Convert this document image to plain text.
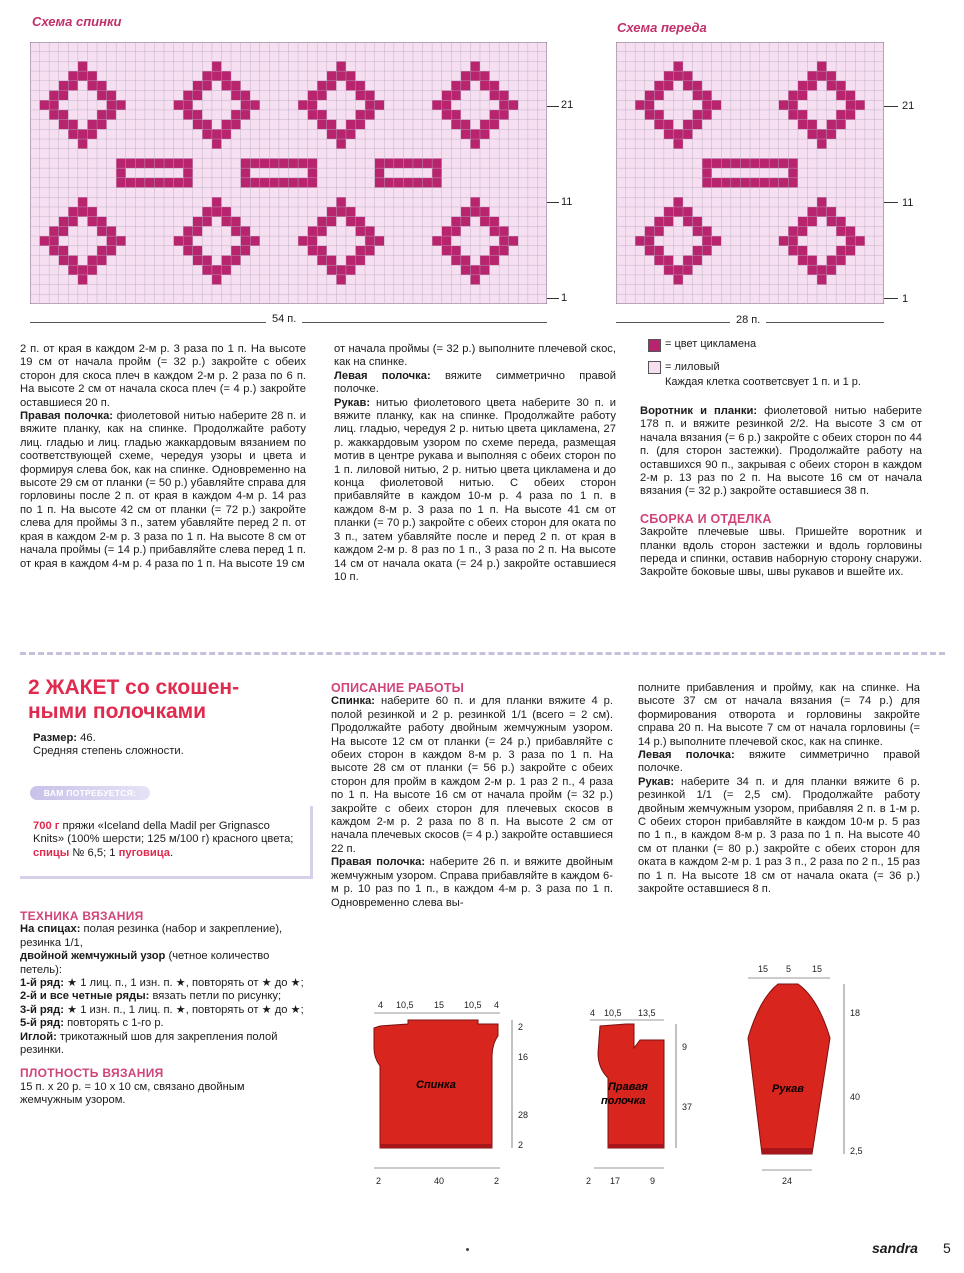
Схема спинки	Схема переда
21
11
1
54 п.
21
11
1
28 п.

2 п. от края в каждом 2-м р. 3 раза по 1 п. На высоте 19 см от начала пройм (= 32 р.) закройте с обеих сторон для скоса плеч в каждом 2-м р. 2 раза по 6 п. На высоте 2 см от начала скоса плеч (= 4 р.) закройте оставшиеся 20 п.

Правая полочка: фиолетовой нитью наберите 28 п. и вяжите планку, как на спинке. Продолжайте работу лиц. гладью и лиц. гладью жаккардовым вязанием по соответствующей схеме, чередуя узоры и цвета и формируя слева бок, как на спинке. Одновременно на высоте 29 см от планки (= 50 р.) убавляйте справа для горловины после 2 п. от края в каждом 4-м р. 14 раз по 1 п. На высоте 42 см от планки (= 72 р.) закройте слева для проймы 3 п., затем убавляйте перед 2 п. от края в каждом 2-м р. 3 раза по 1 п. На высоте 8 см от начала проймы (= 14 р.) прибавляйте слева перед 1 п. от края в каждом 4-м р. 4 раза по 1 п. На высоте 19 см

от начала проймы (= 32 р.) выполните плечевой скос, как на спинке.

Левая полочка: вяжите симметрично правой полочке.

Рукав: нитью фиолетового цвета наберите 30 п. и вяжите планку, как на спинке. Продолжайте работу лиц. гладью, чередуя 2 р. нитью цвета цикламена, 27 р. жаккардовым узором по схеме переда, размещая мотив в центре рукава и выполняя с обеих сторон по 1 п. лиловой нитью, 2 р. нитью цвета цикламена и до конца фиолетовой нитью. С обеих сторон прибавляйте в каждом 10-м р. 4 раза по 1 п. в каждом 8-м р. 3 раза по 1 п. На высоте 41 см от планки (= 70 р.) закройте с обеих сторон для оката по 3 п., затем убавляйте после и перед 2 п. от края в каждом 2-м р. 8 раз по 1 п., 3 раза по 2 п. На высоте 14 см от начала оката (= 24 р.) закройте оставшиеся 10 п.

= цвет цикламена
= лиловый
Каждая клетка соответсвует 1 п. и 1 р.

Воротник и планки: фиолетовой нитью наберите 178 п. и вяжите резинкой 2/2. На высоте 3 см от начала вязания (= 6 р.) закройте с обеих сторон по 44 п. (для сторон застежки). Продолжайте работу на оставшихся 90 п., закрывая с обеих сторон в каждом 2-м р. 13 раз по 2 п. На высоте 16 см от начала вязания (= 32 р.) закройте оставшиеся 38 п.

СБОРКА И ОТДЕЛКА

Закройте плечевые швы. Пришейте воротник и планки вдоль сторон застежки и вдоль горловины переда и спинки, оставив наборную сторону снаружи. Закройте боковые швы, швы рукавов и вшейте их.

2 ЖАКЕТ со скошен-
ными полочками

Размер: 46.

Средняя степень сложности.

ВАМ ПОТРЕБУЕТСЯ:

700 г пряжи «Iceland della Madil per Grignasco Knits» (100% шерсти; 125 м/100 г) красного цвета; спицы № 6,5; 1 пуговица.

ТЕХНИКА ВЯЗАНИЯ

На спицах: полая резинка (набор и закрепление), резинка 1/1,

двойной жемчужный узор (четное количество петель):

1-й ряд: ★ 1 лиц. п., 1 изн. п. ★, повторять от ★ до ★;

2-й и все четные ряды: вязать петли по рисунку;

3-й ряд: ★ 1 изн. п., 1 лиц. п. ★, повторять от ★ до ★;

5-й ряд: повторять с 1-го р.

Иглой: трикотажный шов для закрепления полой резинки.

ПЛОТНОСТЬ ВЯЗАНИЯ

15 п. х 20 р. = 10 х 10 см, связано двойным жемчужным узором.

ОПИСАНИЕ РАБОТЫ

Спинка: наберите 60 п. и для планки вяжите 4 р. полой резинкой и 2 р. резинкой 1/1 (всего = 2 см). Продолжайте работу двойным жемчужным узором. На высоте 12 см от планки (= 24 р.) прибавляйте с обеих сторон в каждом 8-м р. 3 раза по 1 п. На высоте 28 см от планки (= 56 р.) закройте с обеих сторон для пройм в каждом 2-м р. 1 раз 2 п., 4 раза по 1 п. На высоте 16 см от начала пройм (= 32 р.) закройте с обеих сторон для плечевых скосов в каждом 2-м р. 2 раза по 8 п. На высоте 2 см от начала плечевых скосов (= 4 р.) закройте оставшиеся 22 п.

Правая полочка: наберите 26 п. и вяжите двойным жемчужным узором. Справа прибавляйте в каждом 6-м р. 10 раз по 1 п., в каждом 4-м р. 3 раза по 1 п. Одновременно слева вы-

полните прибавления и пройму, как на спинке. На высоте 37 см от начала вязания (= 74 р.) для формирования отворота и горловины закройте справа 20 п. На высоте 7 см от начала горловины (= 14 р.) выполните плечевой скос, как на спинке.

Левая полочка: вяжите симметрично правой полочке.

Рукав: наберите 34 п. и для планки вяжите 6 р. резинкой 1/1 (= 2,5 см). Продолжайте работу двойным жемчужным узором, прибавляя 2 п. в 1-м р. С обеих сторон прибавляйте в каждом 10-м р. 5 раз по 1 п., в каждом 8-м р. 3 раза по 1 п. На высоте 40 см от планки (= 80 р.) закройте с обеих сторон для оката в каждом 2-м р. 1 раз 3 п., 2 раза по 2 п., 15 раз по 1 п. На высоте 18 см от начала оката (= 36 р.) закройте оставшиеся 8 п.

Спинка
4 10,5 15 10,5 4
2
16
28
2
2	40	2
Правая
полочка
4 10,5 13,5
9
37
2 17	9
Рукав
15 5 15
18
40
2,5
24
sandra 5
